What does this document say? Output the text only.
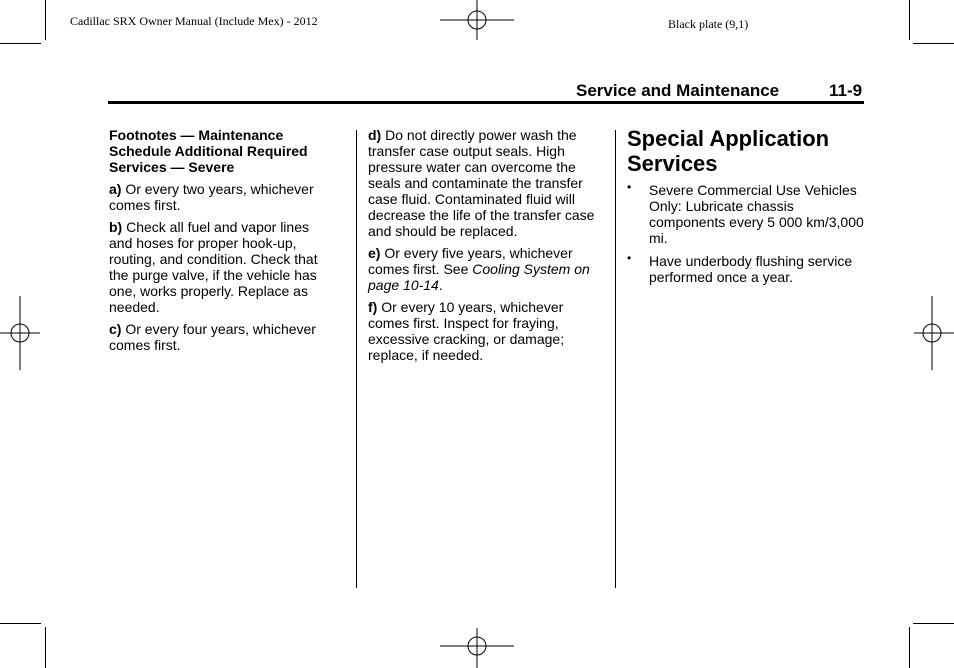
Cadillac SRX Owner Manual (Include Mex) - 2012	Black plate (9,1)
Service and Maintenance	11-9

Footnotes — Maintenance Schedule Additional Required Services — Severe

a) Or every two years, whichever comes first.

b) Check all fuel and vapor lines and hoses for proper hook-up, routing, and condition. Check that the purge valve, if the vehicle has one, works properly. Replace as needed.

c) Or every four years, whichever comes first.

d) Do not directly power wash the transfer case output seals. High pressure water can overcome the seals and contaminate the transfer case fluid. Contaminated fluid will decrease the life of the transfer case and should be replaced.

e) Or every five years, whichever comes first. See Cooling System on page 10-14.

f) Or every 10 years, whichever comes first. Inspect for fraying, excessive cracking, or damage; replace, if needed.

Special Application Services
• Severe Commercial Use Vehicles Only: Lubricate chassis components every 5 000 km/3,000 mi.
• Have underbody flushing service performed once a year.
